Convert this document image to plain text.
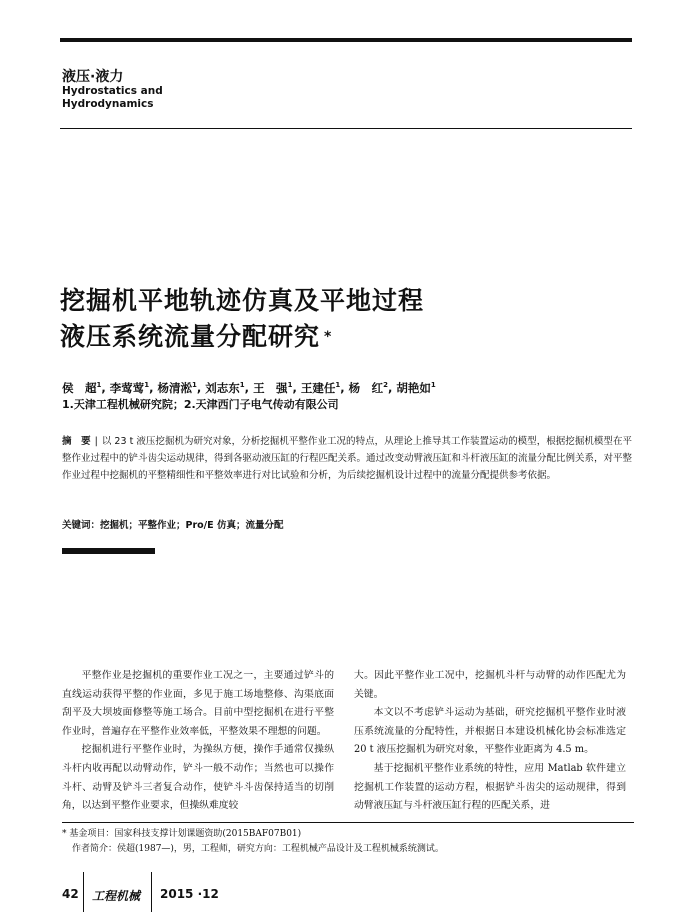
液压·液力
Hydrostatics and
Hydrodynamics
挖掘机平地轨迹仿真及平地过程
液压系统流量分配研究 *
侯　超$^1$, 李莺莺$^1$, 杨清淞$^1$, 刘志东$^1$, 王　强$^1$, 王建任$^1$, 杨　红$^2$, 胡艳如$^1$
1.天津工程机械研究院；2.天津西门子电气传动有限公司
摘　要 | 以 23 t 液压挖掘机为研究对象，分析挖掘机平整作业工况的特点，从理论上推导其工作装置运动的模型，根据挖掘机模型在平整作业过程中的铲斗齿尖运动规律，得到各驱动液压缸的行程匹配关系。通过改变动臂液压缸和斗杆液压缸的流量分配比例关系，对平整作业过程中挖掘机的平整精细性和平整效率进行对比试验和分析，为后续挖掘机设计过程中的流量分配提供参考依据。
关键词：挖掘机；平整作业；Pro/E 仿真；流量分配

平整作业是挖掘机的重要作业工况之一，主要通过铲斗的直线运动获得平整的作业面，多见于施工场地整修、沟渠底面刮平及大坝坡面修整等施工场合。目前中型挖掘机在进行平整作业时，普遍存在平整作业效率低，平整效果不理想的问题。

挖掘机进行平整作业时，为操纵方便，操作手通常仅操纵斗杆内收再配以动臂动作，铲斗一般不动作；当然也可以操作斗杆、动臂及铲斗三者复合动作，使铲斗斗齿保持适当的切削角，以达到平整作业要求，但操纵难度较

大。因此平整作业工况中，挖掘机斗杆与动臂的动作匹配尤为关键。

本文以不考虑铲斗运动为基础，研究挖掘机平整作业时液压系统流量的分配特性，并根据日本建设机械化协会标准选定 20 t 液压挖掘机为研究对象，平整作业距离为 4.5 m。

基于挖掘机平整作业系统的特性，应用 Matlab 软件建立挖掘机工作装置的运动方程，根据铲斗齿尖的运动规律，得到动臂液压缸与斗杆液压缸行程的匹配关系，进

* 基金项目：国家科技支撑计划课题资助(2015BAF07B01)
作者简介：侯超(1987—)，男，工程师，研究方向：工程机械产品设计及工程机械系统测试。
42 工程机械 2015 ·12
